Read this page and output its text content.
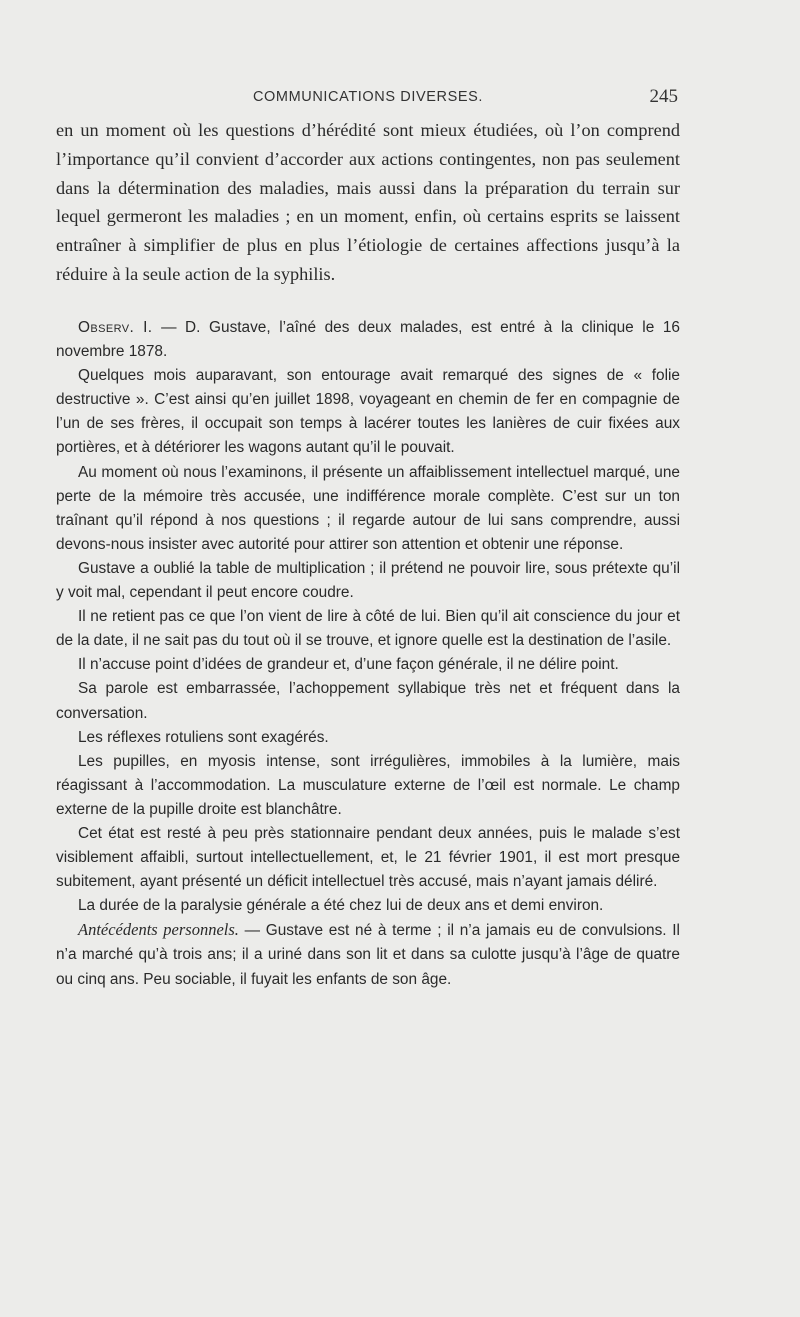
COMMUNICATIONS DIVERSES.	245

en un moment où les questions d’hérédité sont mieux étudiées, où l’on comprend l’importance qu’il convient d’accorder aux actions contingentes, non pas seulement dans la détermination des maladies, mais aussi dans la préparation du terrain sur lequel germeront les maladies ; en un moment, enfin, où certains esprits se laissent entraîner à simplifier de plus en plus l’étiologie de certaines affections jusqu’à la réduire à la seule action de la syphilis.

Observ. I. — D. Gustave, l’aîné des deux malades, est entré à la clinique le 16 novembre 1878.

Quelques mois auparavant, son entourage avait remarqué des signes de « folie destructive ». C’est ainsi qu’en juillet 1898, voyageant en chemin de fer en compagnie de l’un de ses frères, il occupait son temps à lacérer toutes les lanières de cuir fixées aux portières, et à détériorer les wagons autant qu’il le pouvait.

Au moment où nous l’examinons, il présente un affaiblissement intellectuel marqué, une perte de la mémoire très accusée, une indifférence morale complète. C’est sur un ton traînant qu’il répond à nos questions ; il regarde autour de lui sans comprendre, aussi devons-nous insister avec autorité pour attirer son attention et obtenir une réponse.

Gustave a oublié la table de multiplication ; il prétend ne pouvoir lire, sous prétexte qu’il y voit mal, cependant il peut encore coudre.

Il ne retient pas ce que l’on vient de lire à côté de lui. Bien qu’il ait conscience du jour et de la date, il ne sait pas du tout où il se trouve, et ignore quelle est la destination de l’asile.

Il n’accuse point d’idées de grandeur et, d’une façon générale, il ne délire point.

Sa parole est embarrassée, l’achoppement syllabique très net et fréquent dans la conversation.

Les réflexes rotuliens sont exagérés.

Les pupilles, en myosis intense, sont irrégulières, immobiles à la lumière, mais réagissant à l’accommodation. La musculature externe de l’œil est normale. Le champ externe de la pupille droite est blanchâtre.

Cet état est resté à peu près stationnaire pendant deux années, puis le malade s’est visiblement affaibli, surtout intellectuellement, et, le 21 février 1901, il est mort presque subitement, ayant présenté un déficit intellectuel très accusé, mais n’ayant jamais déliré.

La durée de la paralysie générale a été chez lui de deux ans et demi environ.

Antécédents personnels. — Gustave est né à terme ; il n’a jamais eu de convulsions. Il n’a marché qu’à trois ans; il a uriné dans son lit et dans sa culotte jusqu’à l’âge de quatre ou cinq ans. Peu sociable, il fuyait les enfants de son âge.
